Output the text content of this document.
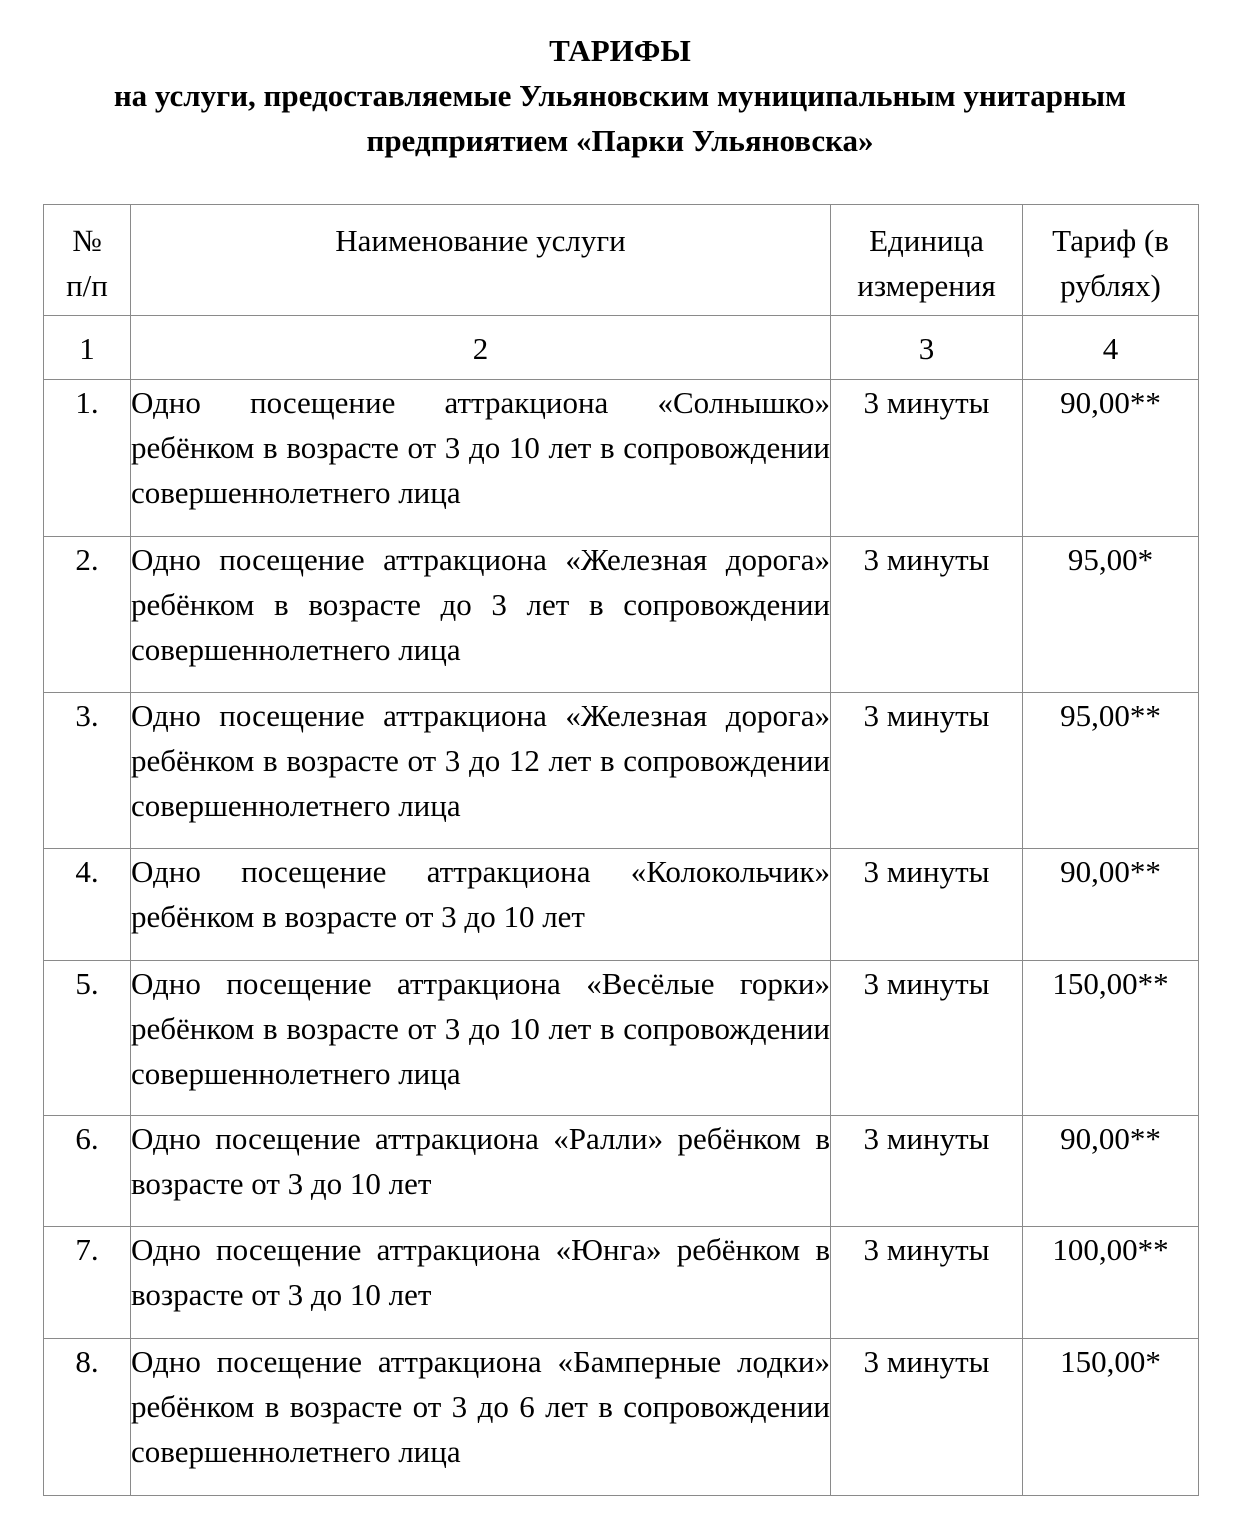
ТАРИФЫ
на услуги, предоставляемые Ульяновским муниципальным унитарным
предприятием «Парки Ульяновска»
№ п/п	Наименование услуги	Единица измерения	Тариф (в рублях)
1	2	3	4
1.	Одно посещение аттракциона «Солнышко» ребёнком в возрасте от 3 до 10 лет в сопровождении совершеннолетнего лица	3 минуты	90,00**
2.	Одно посещение аттракциона «Железная дорога» ребёнком в возрасте до 3 лет в сопровождении совершеннолетнего лица	3 минуты	95,00*
3.	Одно посещение аттракциона «Железная дорога» ребёнком в возрасте от 3 до 12 лет в сопровождении совершеннолетнего лица	3 минуты	95,00**
4.	Одно посещение аттракциона «Колокольчик» ребёнком в возрасте от 3 до 10 лет	3 минуты	90,00**
5.	Одно посещение аттракциона «Весёлые горки» ребёнком в возрасте от 3 до 10 лет в сопровождении совершеннолетнего лица	3 минуты	150,00**
6.	Одно посещение аттракциона «Ралли» ребёнком в возрасте от 3 до 10 лет	3 минуты	90,00**
7.	Одно посещение аттракциона «Юнга» ребёнком в возрасте от 3 до 10 лет	3 минуты	100,00**
8.	Одно посещение аттракциона «Бамперные лодки» ребёнком в возрасте от 3 до 6 лет в сопровождении совершеннолетнего лица	3 минуты	150,00*
